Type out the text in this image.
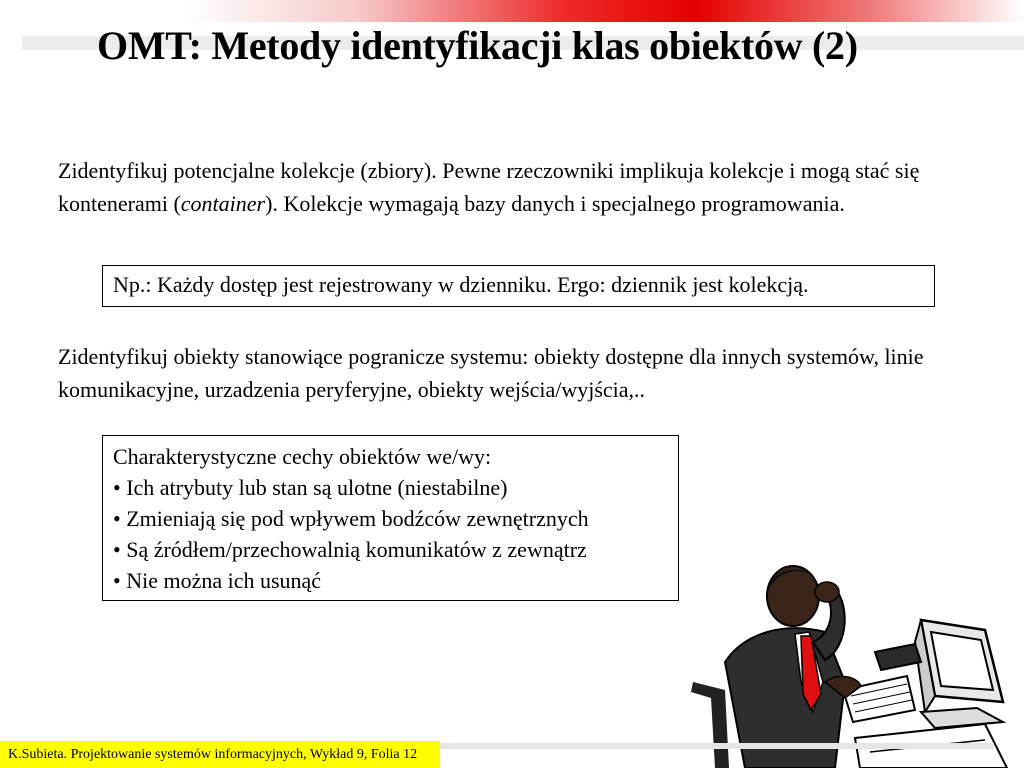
OMT: Metody identyfikacji klas obiektów (2)
Zidentyfikuj potencjalne kolekcje (zbiory). Pewne rzeczowniki implikuja kolekcje i mogą stać się kontenerami (container). Kolekcje wymagają bazy danych i specjalnego programowania.
Np.: Każdy dostęp jest rejestrowany w dzienniku. Ergo: dziennik jest kolekcją.
Zidentyfikuj obiekty stanowiące pogranicze systemu: obiekty dostępne dla innych systemów, linie komunikacyjne, urzadzenia peryferyjne, obiekty wejścia/wyjścia,..
Charakterystyczne cechy obiektów we/wy:
• Ich atrybuty lub stan są ulotne (niestabilne)
• Zmieniają się pod wpływem bodźców zewnętrznych
• Są źródłem/przechowalnią komunikatów z zewnątrz
• Nie można ich usunąć
K.Subieta. Projektowanie systemów informacyjnych, Wykład 9, Folia 12
